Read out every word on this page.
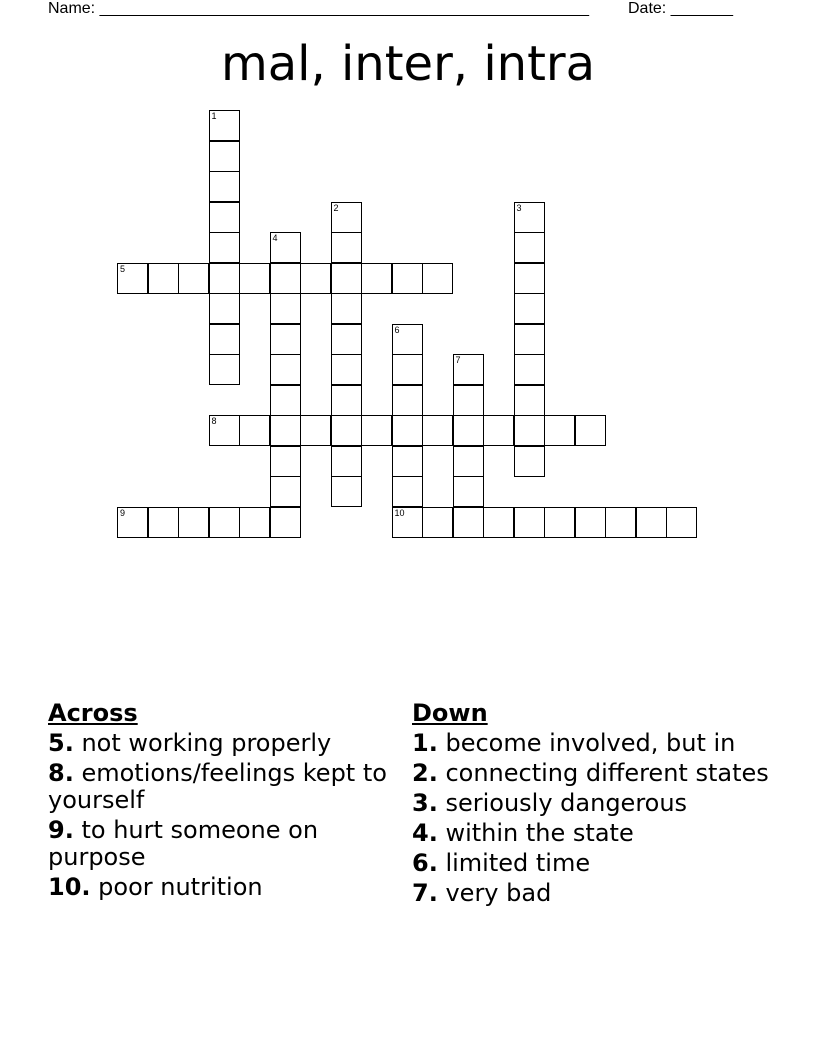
Name: _______________________________________________________ Date: _______
mal, inter, intra
1
2	3
4
5
6
10
7
8
9
Across
5. not working properly
8. emotions/feelings kept to yourself
9. to hurt someone on purpose
10. poor nutrition
Down
1. become involved, but in
2. connecting different states
3. seriously dangerous
4. within the state
6. limited time
7. very bad
